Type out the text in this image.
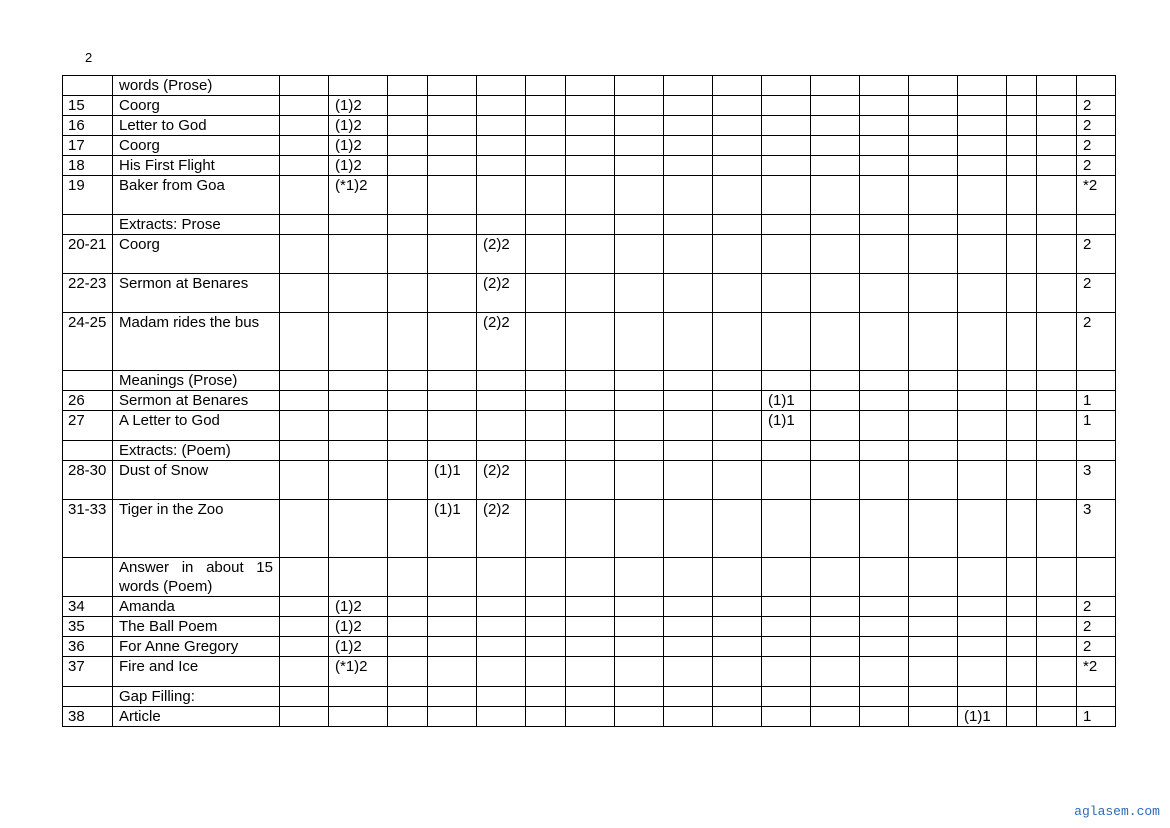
2
	words (Prose)																		
15	Coorg		(1)2																2
16	Letter to God		(1)2																2
17	Coorg		(1)2																2
18	His First Flight		(1)2																2
19	Baker from Goa		(*1)2																*2
	Extracts: Prose																		
20-21	Coorg					(2)2													2
22-23	Sermon at Benares					(2)2													2
24-25	Madam rides the bus					(2)2													2
	Meanings (Prose)																		
26	Sermon at Benares											(1)1							1
27	A Letter to God											(1)1							1
	Extracts: (Poem)																		
28-30	Dust of Snow				(1)1	(2)2													3
31-33	Tiger in the Zoo				(1)1	(2)2													3
	Answer in about 15 words (Poem)																		
34	Amanda		(1)2																2
35	The Ball Poem		(1)2																2
36	For Anne Gregory		(1)2																2
37	Fire and Ice		(*1)2																*2
	Gap Filling:																		
38	Article															(1)1			1
aglasem.com
